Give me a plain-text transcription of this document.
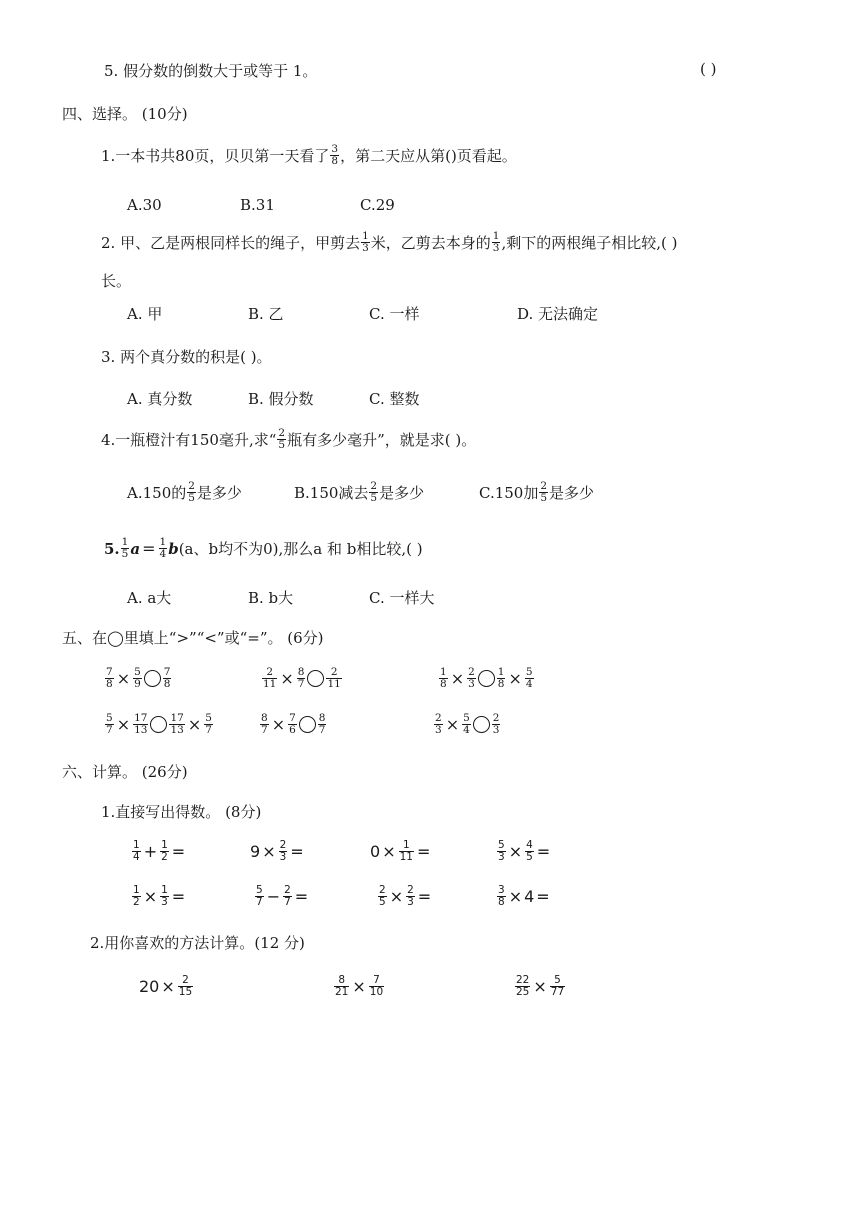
5. 假分数的倒数大于或等于 1。	( )
四、选择。 (10分)
1.一本书共80页，贝贝第一天看了 $\frac{3}{8}$ ，第二天应从第()页看起。
A.30	B.31	C.29
2. 甲、乙是两根同样长的绳子，甲剪去 $\frac{1}{3}$ 米，乙剪去本身的 $\frac{1}{3}$ ,剩下的两根绳子相比较,( )
长。
A. 甲	B. 乙	C. 一样	D. 无法确定
3. 两个真分数的积是( )。
A. 真分数	B. 假分数	C. 整数
4.一瓶橙汁有150毫升,求“ $\frac{2}{5}$ 瓶有多少毫升”，就是求( )。
A.150的 $\frac{2}{5}$ 是多少	B.150减去 $\frac{2}{5}$ 是多少	C.150加 $\frac{2}{5}$ 是多少
5. $\frac{1}{5}$ $a = \frac{1}{4}$ b (a、b均不为0),那么a 和 b相比较,( )
A. a大	B. b大	C. 一样大
五、在◯里填上“>”“<”或“=”。 (6分)
$\frac{7}{8} \times \frac{5}{9} \frac{7}{8}$	$\frac{2}{11} \times \frac{8}{7} \frac{2}{11}$	$\frac{1}{8} \times \frac{2}{3} \frac{1}{8} \times \frac{5}{4}$
$\frac{5}{7} \times \frac{17}{13} \frac{17}{13} \times \frac{5}{7}$	$\frac{8}{7} \times \frac{7}{6} \frac{8}{7}$	$\frac{2}{3} \times \frac{5}{4} \frac{2}{3}$
六、计算。 (26分)
1.直接写出得数。 (8分)
$\frac{1}{4} + \frac{1}{2}$ =	$9 \times \frac{2}{3}$ =	$0 \times \frac{1}{11}$ =	$\frac{5}{3} \times \frac{4}{5}$ =
$\frac{1}{2} \times \frac{1}{3}$ =	$\frac{5}{7} - \frac{2}{7}$ =	$\frac{2}{5} \times \frac{2}{3}$ =	$\frac{3}{8} \times 4$ =
2.用你喜欢的方法计算。(12 分)
$20 \times \frac{2}{15}$	$\frac{8}{21} \times \frac{7}{10}$	$\frac{22}{25} \times \frac{5}{77}$
